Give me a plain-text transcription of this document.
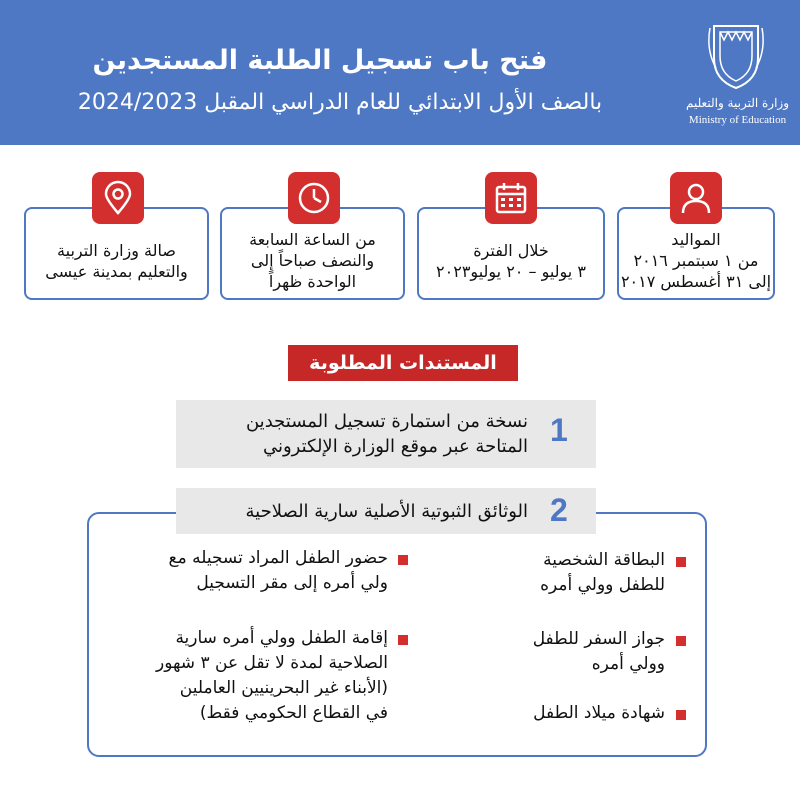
فتح باب تسجيل الطلبة المستجدين
بالصف الأول الابتدائي للعام الدراسي المقبل 2024/2023	وزارة التربية والتعليم
Ministry of Education
المواليد
من ١ سبتمبر ٢٠١٦
إلى ٣١ أغسطس ٢٠١٧
خلال الفترة
٣ يوليو – ٢٠ يوليو٢٠٢٣
من الساعة السابعة
والنصف صباحاً إلى
الواحدة ظهراً
صالة وزارة التربية
والتعليم بمدينة عيسى
المستندات المطلوبة
1
نسخة من استمارة تسجيل المستجدين
المتاحة عبر موقع الوزارة الإلكتروني
2
الوثائق الثبوتية الأصلية سارية الصلاحية
البطاقة الشخصية
للطفل وولي أمره
جواز السفر للطفل
وولي أمره
شهادة ميلاد الطفل
حضور الطفل المراد تسجيله مع
ولي أمره إلى مقر التسجيل
إقامة الطفل وولي أمره سارية
الصلاحية لمدة لا تقل عن ٣ شهور
(الأبناء غير البحرينيين العاملين
في القطاع الحكومي فقط)
